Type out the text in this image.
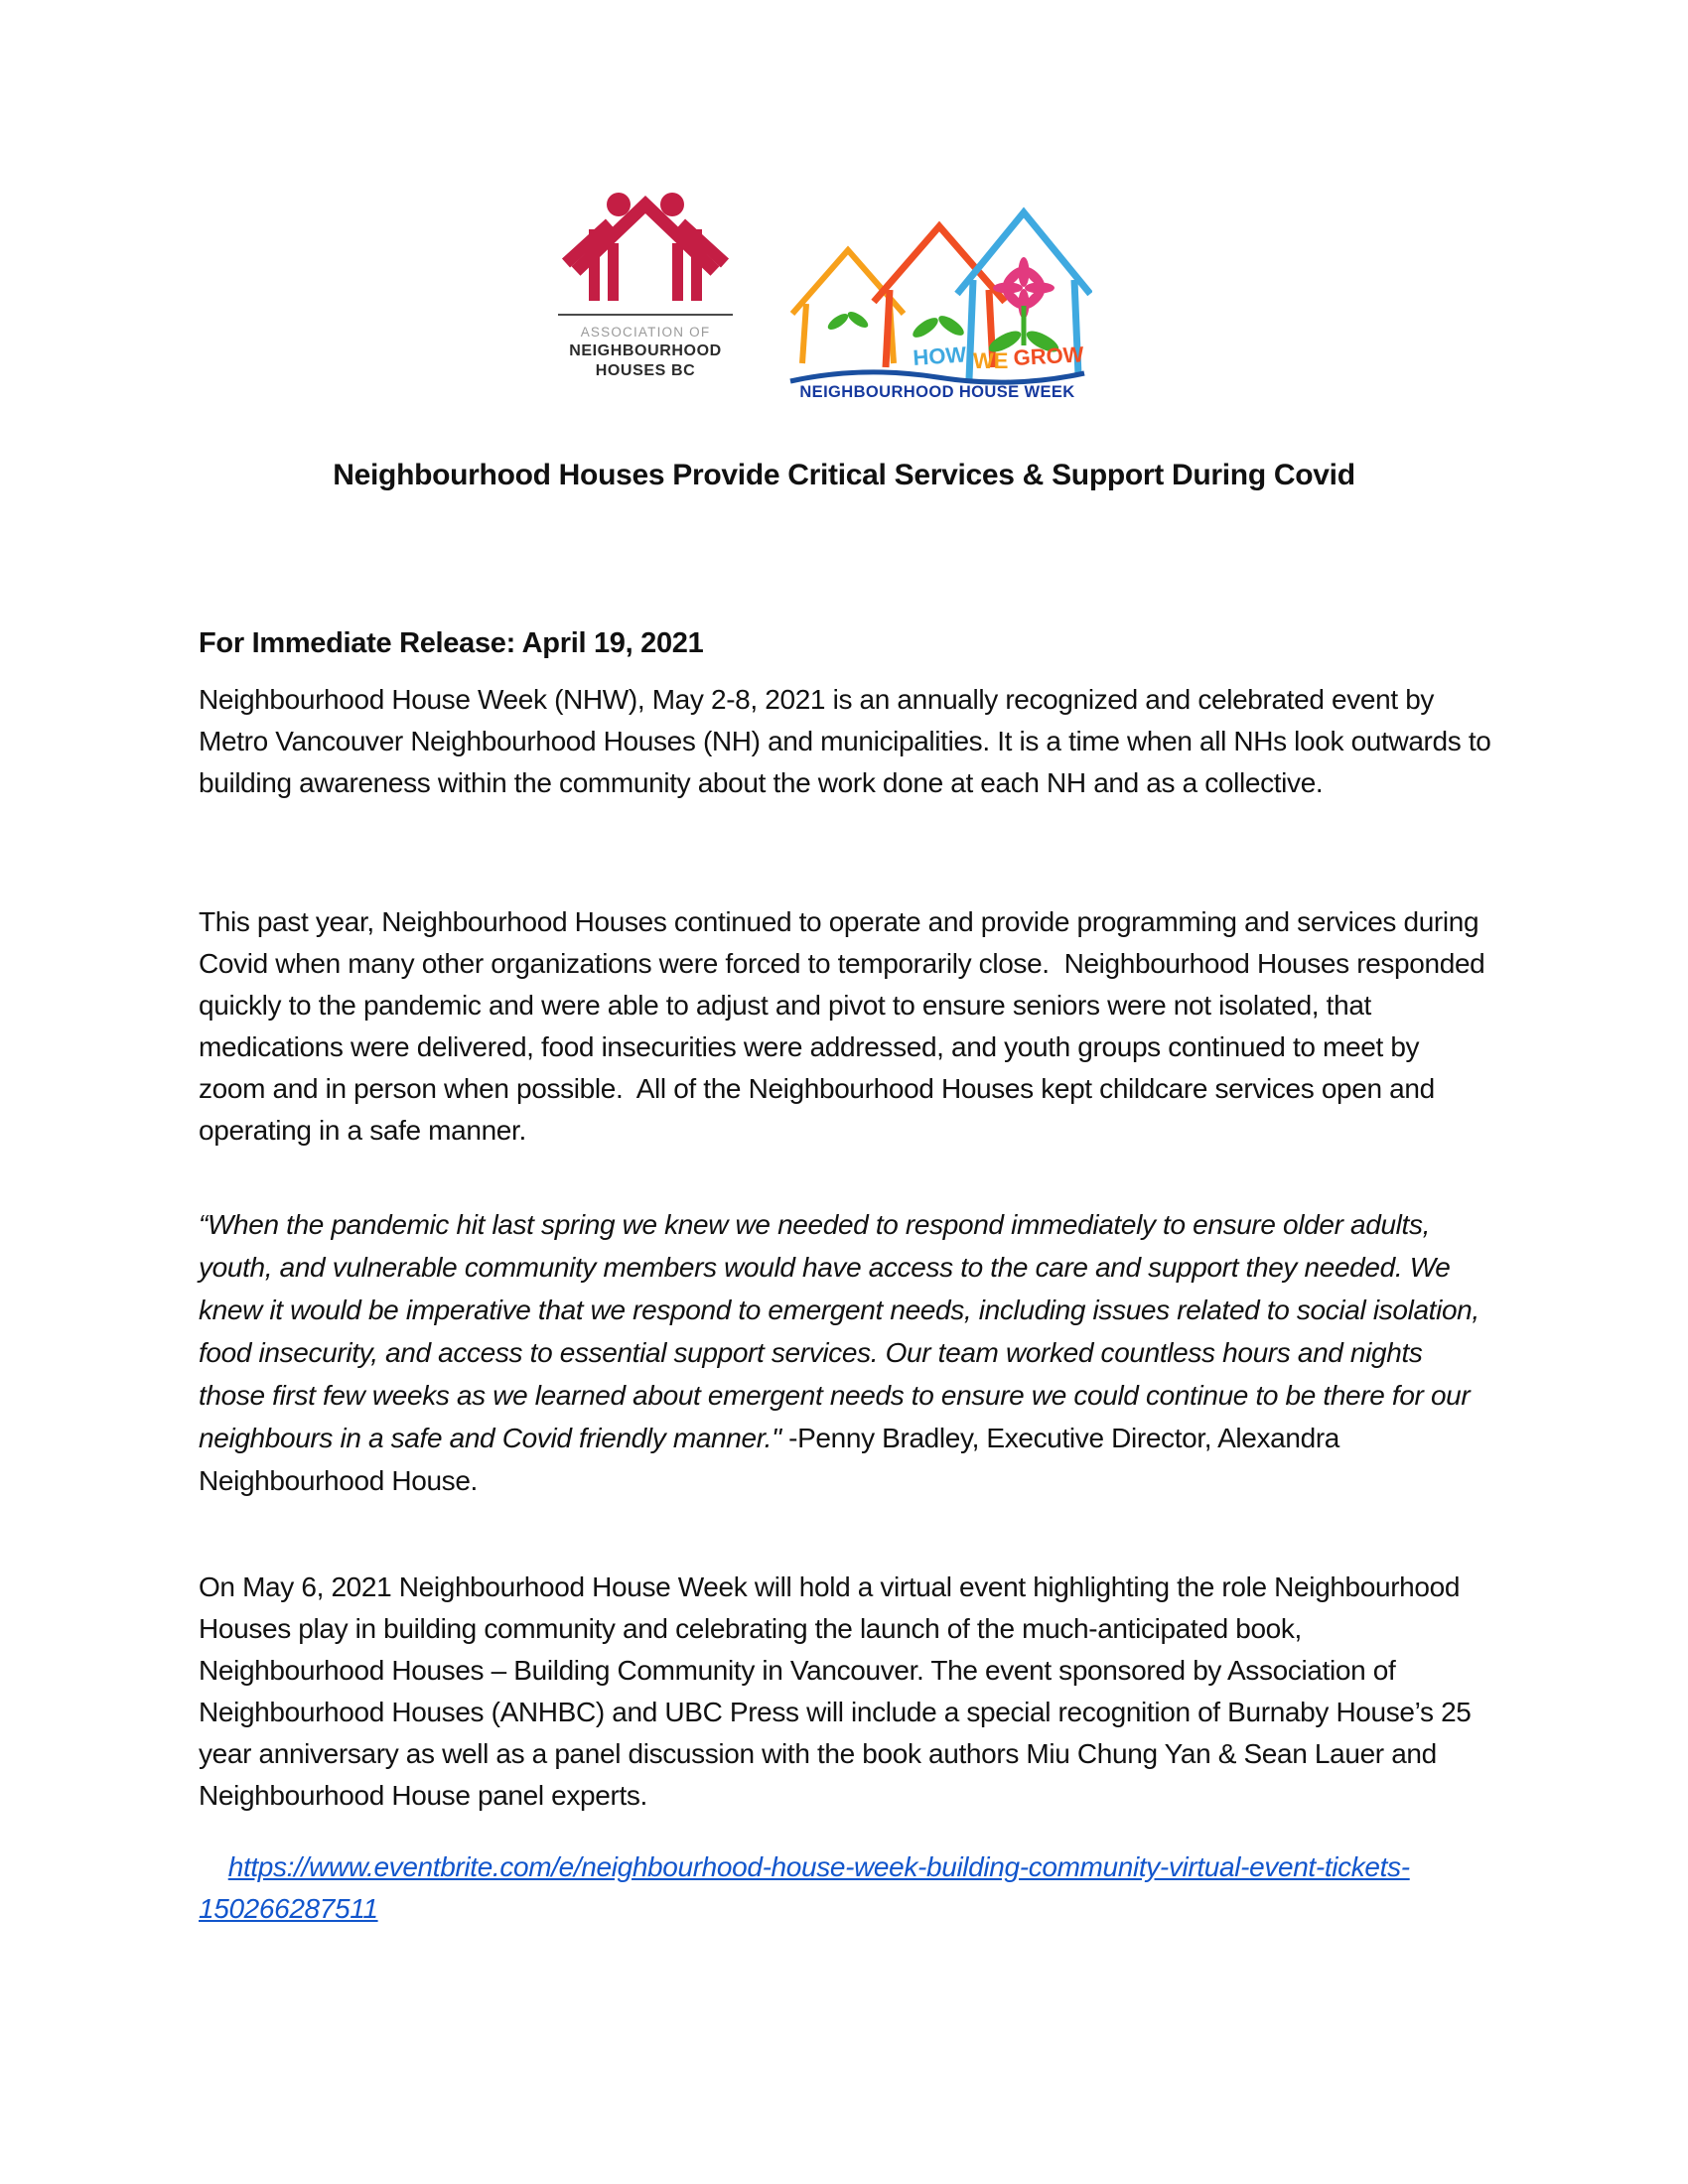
ASSOCIATION OF
NEIGHBOURHOOD
HOUSES BC
HOW WE GROW
NEIGHBOURHOOD HOUSE WEEK
Neighbourhood Houses Provide Critical Services & Support During Covid
For Immediate Release: April 19, 2021
Neighbourhood House Week (NHW), May 2-8, 2021 is an annually recognized and celebrated event by Metro Vancouver Neighbourhood Houses (NH) and municipalities. It is a time when all NHs look outwards to building awareness within the community about the work done at each NH and as a collective.
This past year, Neighbourhood Houses continued to operate and provide programming and services during Covid when many other organizations were forced to temporarily close.  Neighbourhood Houses responded quickly to the pandemic and were able to adjust and pivot to ensure seniors were not isolated, that medications were delivered, food insecurities were addressed, and youth groups continued to meet by zoom and in person when possible.  All of the Neighbourhood Houses kept childcare services open and operating in a safe manner.
“When the pandemic hit last spring we knew we needed to respond immediately to ensure older adults, youth, and vulnerable community members would have access to the care and support they needed. We knew it would be imperative that we respond to emergent needs, including issues related to social isolation, food insecurity, and access to essential support services. Our team worked countless hours and nights those first few weeks as we learned about emergent needs to ensure we could continue to be there for our neighbours in a safe and Covid friendly manner." -Penny Bradley, Executive Director, Alexandra Neighbourhood House.
On May 6, 2021 Neighbourhood House Week will hold a virtual event highlighting the role Neighbourhood Houses play in building community and celebrating the launch of the much-anticipated book, Neighbourhood Houses – Building Community in Vancouver. The event sponsored by Association of Neighbourhood Houses (ANHBC) and UBC Press will include a special recognition of Burnaby House’s 25 year anniversary as well as a panel discussion with the book authors Miu Chung Yan & Sean Lauer and Neighbourhood House panel experts.

https://www.eventbrite.com/e/neighbourhood-house-week-building-community-virtual-event-tickets-150266287511
